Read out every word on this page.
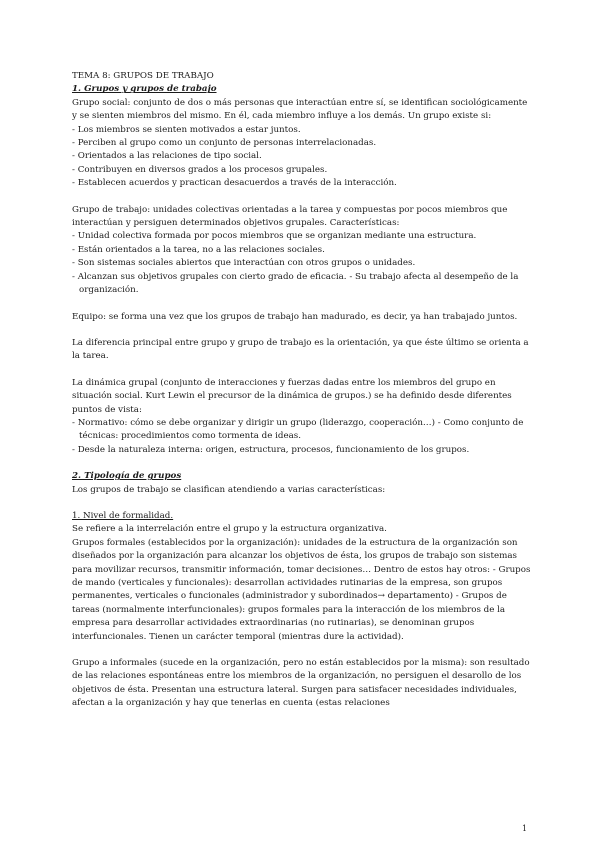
TEMA 8: GRUPOS DE TRABAJO

1. Grupos y grupos de trabajo

Grupo social: conjunto de dos o más personas que interactúan entre sí, se identifican sociológicamente y se sienten miembros del mismo. En él, cada miembro influye a los demás. Un grupo existe si:

- Los miembros se sienten motivados a estar juntos.
- Perciben al grupo como un conjunto de personas interrelacionadas.
- Orientados a las relaciones de tipo social.
- Contribuyen en diversos grados a los procesos grupales.
- Establecen acuerdos y practican desacuerdos a través de la interacción.

Grupo de trabajo: unidades colectivas orientadas a la tarea y compuestas por pocos miembros que interactúan y persiguen determinados objetivos grupales. Características:

- Unidad colectiva formada por pocos miembros que se organizan mediante una estructura.
- Están orientados a la tarea, no a las relaciones sociales.
- Son sistemas sociales abiertos que interactúan con otros grupos o unidades.
- Alcanzan sus objetivos grupales con cierto grado de eficacia. - Su trabajo afecta al desempeño de la organización.

Equipo: se forma una vez que los grupos de trabajo han madurado, es decir, ya han trabajado juntos.

La diferencia principal entre grupo y grupo de trabajo es la orientación, ya que éste último se orienta a la tarea.

La dinámica grupal (conjunto de interacciones y fuerzas dadas entre los miembros del grupo en situación social. Kurt Lewin el precursor de la dinámica de grupos.) se ha definido desde diferentes puntos de vista:

- Normativo: cómo se debe organizar y dirigir un grupo (liderazgo, cooperación…) - Como conjunto de técnicas: procedimientos como tormenta de ideas.
- Desde la naturaleza interna: origen, estructura, procesos, funcionamiento de los grupos.

2. Tipología de grupos

Los grupos de trabajo se clasifican atendiendo a varias características:

1. Nivel de formalidad.

Se refiere a la interrelación entre el grupo y la estructura organizativa.

Grupos formales (establecidos por la organización): unidades de la estructura de la organización son diseñados por la organización para alcanzar los objetivos de ésta, los grupos de trabajo son sistemas para movilizar recursos, transmitir información, tomar decisiones… Dentro de estos hay otros: - Grupos de mando (verticales y funcionales): desarrollan actividades rutinarias de la empresa, son grupos permanentes, verticales o funcionales (administrador y subordinados→ departamento) - Grupos de tareas (normalmente interfuncionales): grupos formales para la interacción de los miembros de la empresa para desarrollar actividades extraordinarias (no rutinarias), se denominan grupos interfuncionales. Tienen un carácter temporal (mientras dure la actividad).

Grupo a informales (sucede en la organización, pero no están establecidos por la misma): son resultado de las relaciones espontáneas entre los miembros de la organización, no persiguen el desarollo de los objetivos de ésta. Presentan una estructura lateral. Surgen para satisfacer necesidades individuales, afectan a la organización y hay que tenerlas en cuenta (estas relaciones

1
